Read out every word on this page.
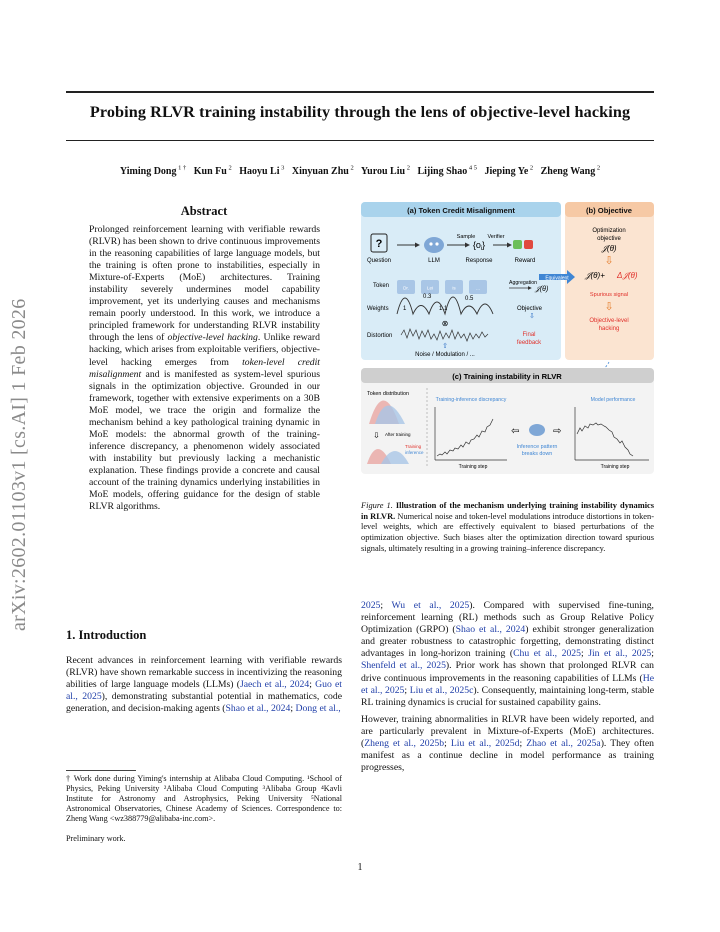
Probing RLVR training instability through the lens of objective-level hacking
Yiming Dong $^{1 \dagger}$  Kun Fu $^2$  Haoyu Li $^3$  Xinyuan Zhu $^2$  Yurou Liu $^2$  Lijing Shao $^{4 5}$  Jieping Ye $^2$  Zheng Wang $^2$
arXiv:2602.01103v1 [cs.AI] 1 Feb 2026
Abstract

Prolonged reinforcement learning with verifiable rewards (RLVR) has been shown to drive continuous improvements in the reasoning capabilities of large language models, but the training is often prone to instabilities, especially in Mixture-of-Experts (MoE) architectures. Training instability severely undermines model capability improvement, yet its underlying causes and mechanisms remain poorly understood. In this work, we introduce a principled framework for understanding RLVR instability through the lens of objective-level hacking. Unlike reward hacking, which arises from exploitable verifiers, objective-level hacking emerges from token-level credit misalignment and is manifested as system-level spurious signals in the optimization objective. Grounded in our framework, together with extensive experiments on a 30B MoE model, we trace the origin and formalize the mechanism behind a key pathological training dynamic in MoE models: the abnormal growth of the training-inference discrepancy, a phenomenon widely associated with instability but previously lacking a mechanistic explanation. These findings provide a concrete and causal account of the training dynamics underlying instabilities in MoE models, offering guidance for the design of stable RLVR algorithms.

1. Introduction
Recent advances in reinforcement learning with verifiable rewards (RLVR) have shown remarkable success in incentivizing the reasoning abilities of large language models (LLMs) (Jaech et al., 2024; Guo et al., 2025), demonstrating substantial potential in mathematics, code generation, and decision-making agents (Shao et al., 2024; Dong et al.,
† Work done during Yiming's internship at Alibaba Cloud Computing. ¹School of Physics, Peking University ²Alibaba Cloud Computing ³Alibaba Group ⁴Kavli Institute for Astronomy and Astrophysics, Peking University ⁵National Astronomical Observatories, Chinese Academy of Sciences. Correspondence to: Zheng Wang <wz388779@alibaba-inc.com>.
Preliminary work.
(a) Token Credit Misalignment	(b) Objective
?
Question	LLM
Sample
$\{o_i\}$
Verifier
Response	Reward
Token	Dr.	Lei	is	...
Aggregation
𝒥(θ)
Weights 1
0.3
1.1
0.5
Objective
⇩
⊗
Distortion	Final
feedback
⇧
Noise / Modulation / ...
Equivalent
Optimization
objective
𝒥(θ)
⇩
𝒥(θ)+ Δ𝒥(θ)
Spurious signal
⇩
Objective-level
hacking
(c) Training instability in RLVR
Token distribution
⇩ After training
Training
inference
Training-inference discrepancy
Training step
⇦	⇨
Inference pattern
breaks down
Model performance
Training step
Figure 1. Illustration of the mechanism underlying training instability dynamics in RLVR. Numerical noise and token-level modulations introduce distortions in token-level weights, which are effectively equivalent to biased perturbations of the optimization objective. Such biases alter the optimization direction toward spurious signals, ultimately resulting in a growing training–inference discrepancy.

2025; Wu et al., 2025). Compared with supervised fine-tuning, reinforcement learning (RL) methods such as Group Relative Policy Optimization (GRPO) (Shao et al., 2024) exhibit stronger generalization and greater robustness to catastrophic forgetting, demonstrating distinct advantages in long-horizon training (Chu et al., 2025; Jin et al., 2025; Shenfeld et al., 2025). Prior work has shown that prolonged RLVR can drive continuous improvements in the reasoning capabilities of LLMs (He et al., 2025; Liu et al., 2025c). Consequently, maintaining long-term, stable RL training dynamics is crucial for sustained capability gains.

However, training abnormalities in RLVR have been widely reported, and are particularly prevalent in Mixture-of-Experts (MoE) architectures. (Zheng et al., 2025b; Liu et al., 2025d; Zhao et al., 2025a). They often manifest as a continue decline in model performance as training progresses,

1
